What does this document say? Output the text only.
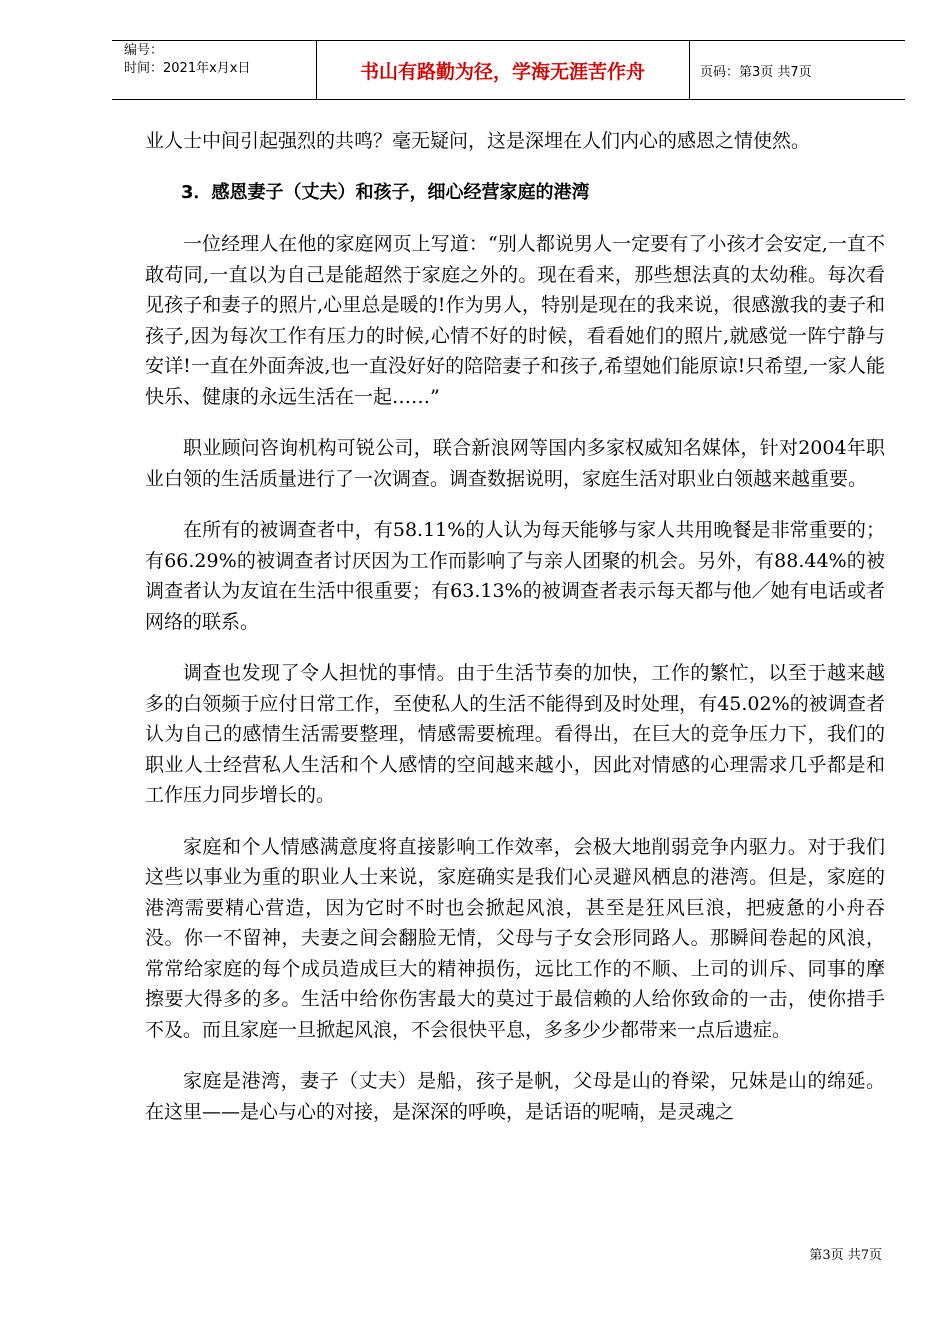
编号：
时间：2021年x月x日	书山有路勤为径，学海无涯苦作舟	页码：第3页 共7页

业人士中间引起强烈的共鸣？毫无疑问，这是深埋在人们内心的感恩之情使然。

3．感恩妻子（丈夫）和孩子，细心经营家庭的港湾

一位经理人在他的家庭网页上写道：“别人都说男人一定要有了小孩才会安定,一直不敢苟同,一直以为自己是能超然于家庭之外的。现在看来，那些想法真的太幼稚。每次看见孩子和妻子的照片,心里总是暖的!作为男人，特别是现在的我来说，很感激我的妻子和孩子,因为每次工作有压力的时候,心情不好的时候，看看她们的照片,就感觉一阵宁静与安详!一直在外面奔波,也一直没好好的陪陪妻子和孩子,希望她们能原谅!只希望,一家人能快乐、健康的永远生活在一起……”

职业顾问咨询机构可锐公司，联合新浪网等国内多家权威知名媒体，针对2004年职业白领的生活质量进行了一次调查。调查数据说明，家庭生活对职业白领越来越重要。

在所有的被调查者中，有58.11%的人认为每天能够与家人共用晚餐是非常重要的；有66.29%的被调查者讨厌因为工作而影响了与亲人团聚的机会。另外，有88.44%的被调查者认为友谊在生活中很重要；有63.13%的被调查者表示每天都与他／她有电话或者网络的联系。

调查也发现了令人担忧的事情。由于生活节奏的加快，工作的繁忙，以至于越来越多的白领频于应付日常工作，至使私人的生活不能得到及时处理，有45.02%的被调查者认为自己的感情生活需要整理，情感需要梳理。看得出，在巨大的竞争压力下，我们的职业人士经营私人生活和个人感情的空间越来越小，因此对情感的心理需求几乎都是和工作压力同步增长的。

家庭和个人情感满意度将直接影响工作效率，会极大地削弱竞争内驱力。对于我们这些以事业为重的职业人士来说，家庭确实是我们心灵避风栖息的港湾。但是，家庭的港湾需要精心营造，因为它时不时也会掀起风浪，甚至是狂风巨浪，把疲惫的小舟吞没。你一不留神，夫妻之间会翻脸无情，父母与子女会形同路人。那瞬间卷起的风浪，常常给家庭的每个成员造成巨大的精神损伤，远比工作的不顺、上司的训斥、同事的摩擦要大得多的多。生活中给你伤害最大的莫过于最信赖的人给你致命的一击，使你措手不及。而且家庭一旦掀起风浪，不会很快平息，多多少少都带来一点后遗症。

家庭是港湾，妻子（丈夫）是船，孩子是帆，父母是山的脊梁，兄妹是山的绵延。在这里——是心与心的对接，是深深的呼唤，是话语的呢喃，是灵魂之

第3页 共7页
